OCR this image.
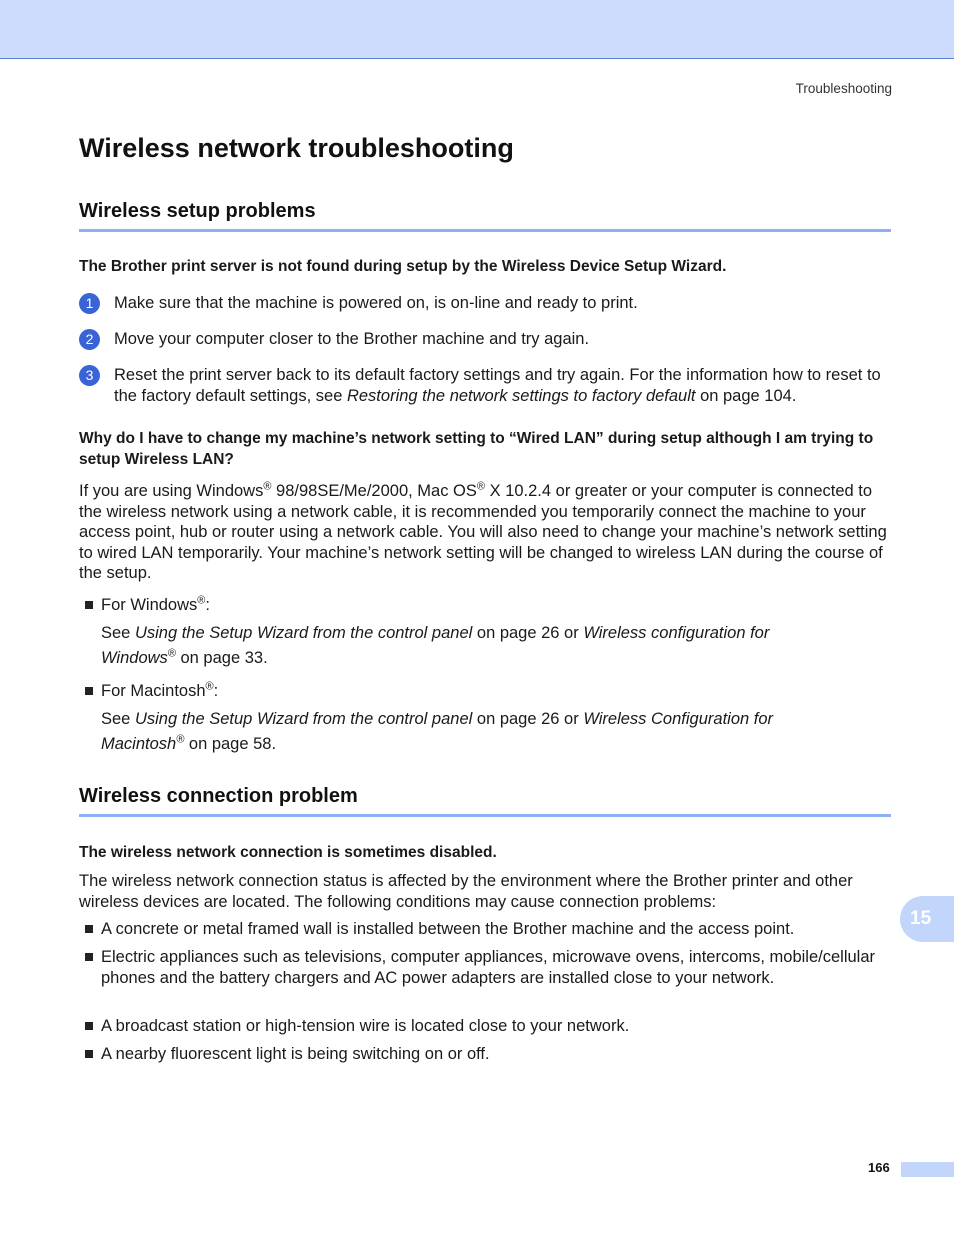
Troubleshooting
Wireless network troubleshooting
Wireless setup problems
The Brother print server is not found during setup by the Wireless Device Setup Wizard.
1	Make sure that the machine is powered on, is on-line and ready to print.
2	Move your computer closer to the Brother machine and try again.
3	Reset the print server back to its default factory settings and try again. For the information how to reset to the factory default settings, see Restoring the network settings to factory default on page 104.
Why do I have to change my machine’s network setting to “Wired LAN” during setup although I am trying to setup Wireless LAN?
If you are using Windows® 98/98SE/Me/2000, Mac OS® X 10.2.4 or greater or your computer is connected to the wireless network using a network cable, it is recommended you temporarily connect the machine to your access point, hub or router using a network cable. You will also need to change your machine’s network setting to wired LAN temporarily. Your machine’s network setting will be changed to wireless LAN during the course of the setup.
For Windows®:
See Using the Setup Wizard from the control panel on page 26 or Wireless configuration for Windows® on page 33.
For Macintosh®:
See Using the Setup Wizard from the control panel on page 26 or Wireless Configuration for Macintosh® on page 58.
Wireless connection problem
The wireless network connection is sometimes disabled.
The wireless network connection status is affected by the environment where the Brother printer and other wireless devices are located. The following conditions may cause connection problems:
A concrete or metal framed wall is installed between the Brother machine and the access point.
Electric appliances such as televisions, computer appliances, microwave ovens, intercoms, mobile/cellular phones and the battery chargers and AC power adapters are installed close to your network.
A broadcast station or high-tension wire is located close to your network.
A nearby fluorescent light is being switching on or off.
15
166
